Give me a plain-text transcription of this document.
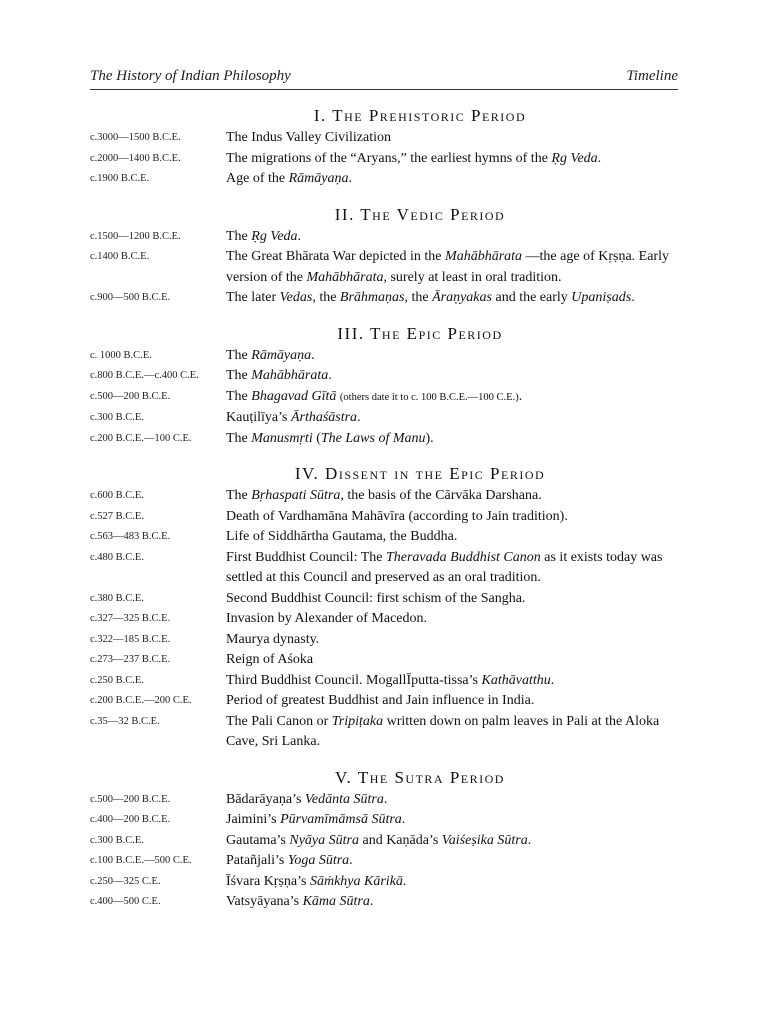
The History of Indian Philosophy	Timeline
I. The Prehistoric Period
c.3000—1500 B.C.E.	The Indus Valley Civilization
c.2000—1400 B.C.E.	The migrations of the “Aryans,” the earliest hymns of the Ṛg Veda.
c.1900 B.C.E.	Age of the Rāmāyaṇa.
II. The Vedic Period
c.1500—1200 B.C.E.	The Ṛg Veda.
c.1400 B.C.E.	The Great Bhārata War depicted in the Mahābhārata —the age of Kṛṣṇa. Early version of the Mahābhārata, surely at least in oral tradition.
c.900—500 B.C.E.	The later Vedas, the Brāhmaṇas, the Āraṇyakas and the early Upaniṣads.
III. The Epic Period
c. 1000 B.C.E.	The Rāmāyaṇa.
c.800 B.C.E.—c.400 C.E.	The Mahābhārata.
c.500—200 B.C.E.	The Bhagavad Gītā (others date it to c. 100 B.C.E.—100 C.E.).
c.300 B.C.E.	Kauṭilīya’s Ārthaśāstra.
c.200 B.C.E.—100 C.E.	The Manusmṛti (The Laws of Manu).
IV. Dissent in the Epic Period
c.600 B.C.E.	The Bṛhaspati Sūtra, the basis of the Cārvāka Darshana.
c.527 B.C.E.	Death of Vardhamāna Mahāvīra (according to Jain tradition).
c.563—483 B.C.E.	Life of Siddhārtha Gautama, the Buddha.
c.480 B.C.E.	First Buddhist Council: The Theravada Buddhist Canon as it exists today was settled at this Council and preserved as an oral tradition.
c.380 B.C.E.	Second Buddhist Council: first schism of the Sangha.
c.327—325 B.C.E.	Invasion by Alexander of Macedon.
c.322—185 B.C.E.	Maurya dynasty.
c.273—237 B.C.E.	Reign of Aśoka
c.250 B.C.E.	Third Buddhist Council. MogallĪputta-tissa’s Kathāvatthu.
c.200 B.C.E.—200 C.E.	Period of greatest Buddhist and Jain influence in India.
c.35—32 B.C.E.	The Pali Canon or Tripiṭaka written down on palm leaves in Pali at the Aloka Cave, Sri Lanka.
V. The Sutra Period
c.500—200 B.C.E.	Bādarāyaṇa’s Vedānta Sūtra.
c.400—200 B.C.E.	Jaimini’s Pūrvamīmāmsā Sūtra.
c.300 B.C.E.	Gautama’s Nyāya Sūtra and Kaṇāda’s Vaiśeṣika Sūtra.
c.100 B.C.E.—500 C.E.	Patañjali’s Yoga Sūtra.
c.250—325 C.E.	Īśvara Kṛṣṇa’s Sāṁkhya Kārikā.
c.400—500 C.E.	Vatsyāyana’s Kāma Sūtra.
